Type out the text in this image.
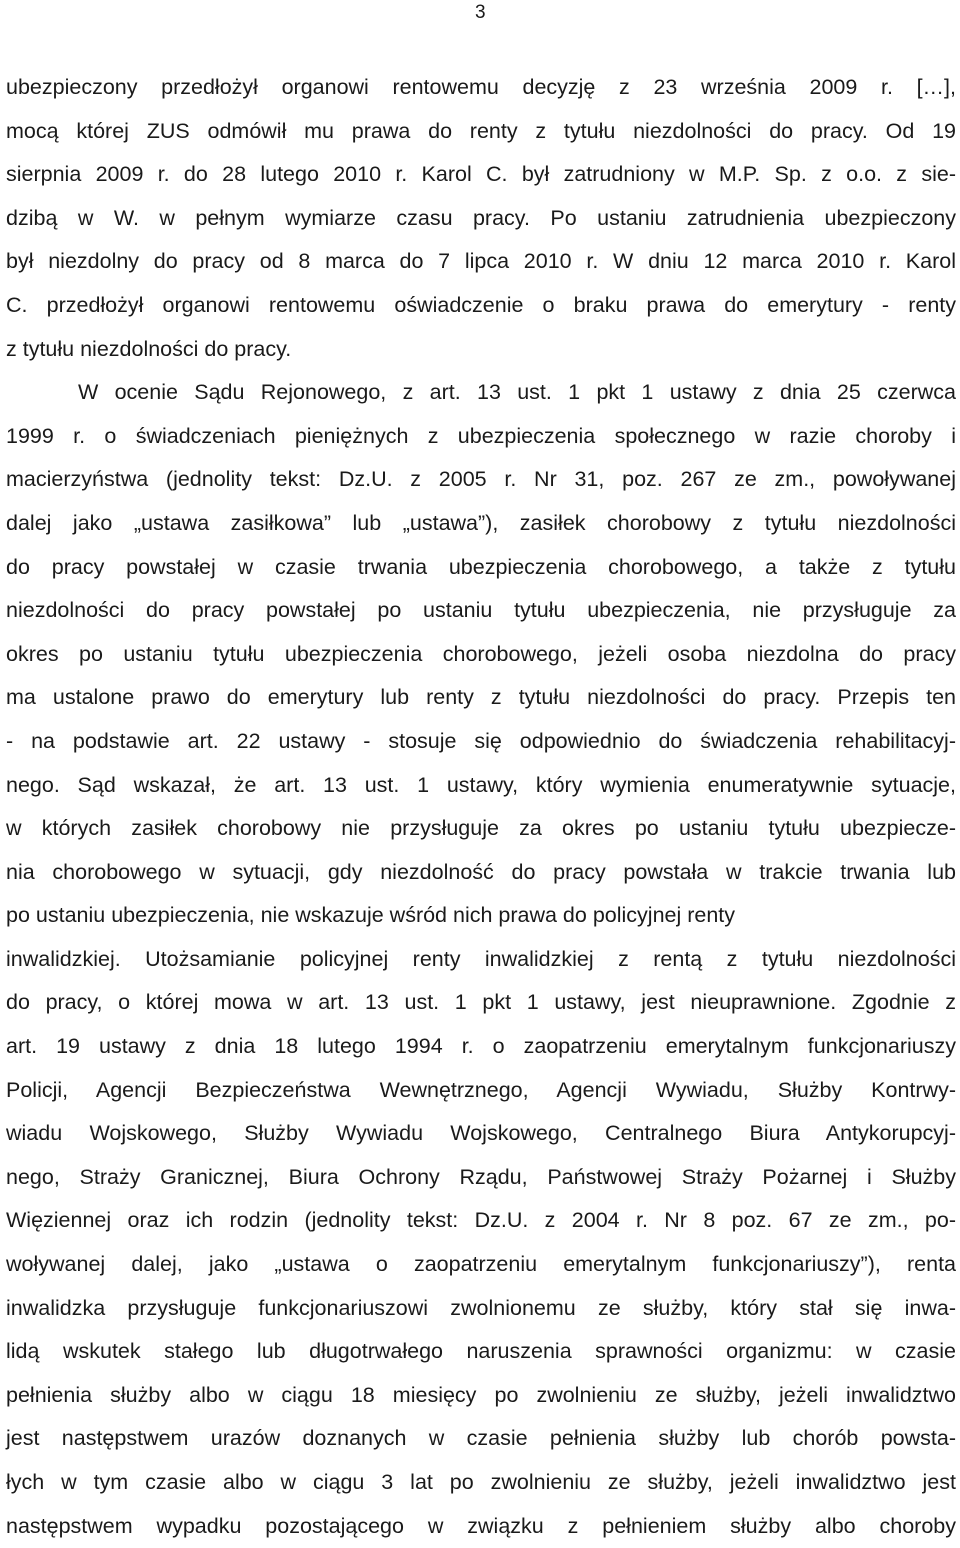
3
ubezpieczony przedłożył organowi rentowemu decyzję z 23 września 2009 r. […],
mocą której ZUS odmówił mu prawa do renty z tytułu niezdolności do pracy. Od 19
sierpnia 2009 r. do 28 lutego 2010 r. Karol C. był zatrudniony w M.P. Sp. z o.o. z sie-
dzibą w W. w pełnym wymiarze czasu pracy. Po ustaniu zatrudnienia ubezpieczony
był niezdolny do pracy od 8 marca do 7 lipca 2010 r. W dniu 12 marca 2010 r. Karol
C. przedłożył organowi rentowemu oświadczenie o braku prawa do emerytury - renty
z tytułu niezdolności do pracy.
W ocenie Sądu Rejonowego, z art. 13 ust. 1 pkt 1 ustawy z dnia 25 czerwca
1999 r. o świadczeniach pieniężnych z ubezpieczenia społecznego w razie choroby i
macierzyństwa (jednolity tekst: Dz.U. z 2005 r. Nr 31, poz. 267 ze zm., powoływanej
dalej jako „ustawa zasiłkowa” lub „ustawa”), zasiłek chorobowy z tytułu niezdolności
do pracy powstałej w czasie trwania ubezpieczenia chorobowego, a także z tytułu
niezdolności do pracy powstałej po ustaniu tytułu ubezpieczenia, nie przysługuje za
okres po ustaniu tytułu ubezpieczenia chorobowego, jeżeli osoba niezdolna do pracy
ma ustalone prawo do emerytury lub renty z tytułu niezdolności do pracy. Przepis ten
- na podstawie art. 22 ustawy - stosuje się odpowiednio do świadczenia rehabilitacyj-
nego. Sąd wskazał, że art. 13 ust. 1 ustawy, który wymienia enumeratywnie sytuacje,
w których zasiłek chorobowy nie przysługuje za okres po ustaniu tytułu ubezpiecze-
nia chorobowego w sytuacji, gdy niezdolność do pracy powstała w trakcie trwania lub
po ustaniu ubezpieczenia, nie wskazuje wśród nich prawa do policyjnej renty
inwalidzkiej. Utożsamianie policyjnej renty inwalidzkiej z rentą z tytułu niezdolności
do pracy, o której mowa w art. 13 ust. 1 pkt 1 ustawy, jest nieuprawnione. Zgodnie z
art. 19 ustawy z dnia 18 lutego 1994 r. o zaopatrzeniu emerytalnym funkcjonariuszy
Policji, Agencji Bezpieczeństwa Wewnętrznego, Agencji Wywiadu, Służby Kontrwy-
wiadu Wojskowego, Służby Wywiadu Wojskowego, Centralnego Biura Antykorupcyj-
nego, Straży Granicznej, Biura Ochrony Rządu, Państwowej Straży Pożarnej i Służby
Więziennej oraz ich rodzin (jednolity tekst: Dz.U. z 2004 r. Nr 8 poz. 67 ze zm., po-
woływanej dalej, jako „ustawa o zaopatrzeniu emerytalnym funkcjonariuszy”), renta
inwalidzka przysługuje funkcjonariuszowi zwolnionemu ze służby, który stał się inwa-
lidą wskutek stałego lub długotrwałego naruszenia sprawności organizmu: w czasie
pełnienia służby albo w ciągu 18 miesięcy po zwolnieniu ze służby, jeżeli inwalidztwo
jest następstwem urazów doznanych w czasie pełnienia służby lub chorób powsta-
łych w tym czasie albo w ciągu 3 lat po zwolnieniu ze służby, jeżeli inwalidztwo jest
następstwem wypadku pozostającego w związku z pełnieniem służby albo choroby
